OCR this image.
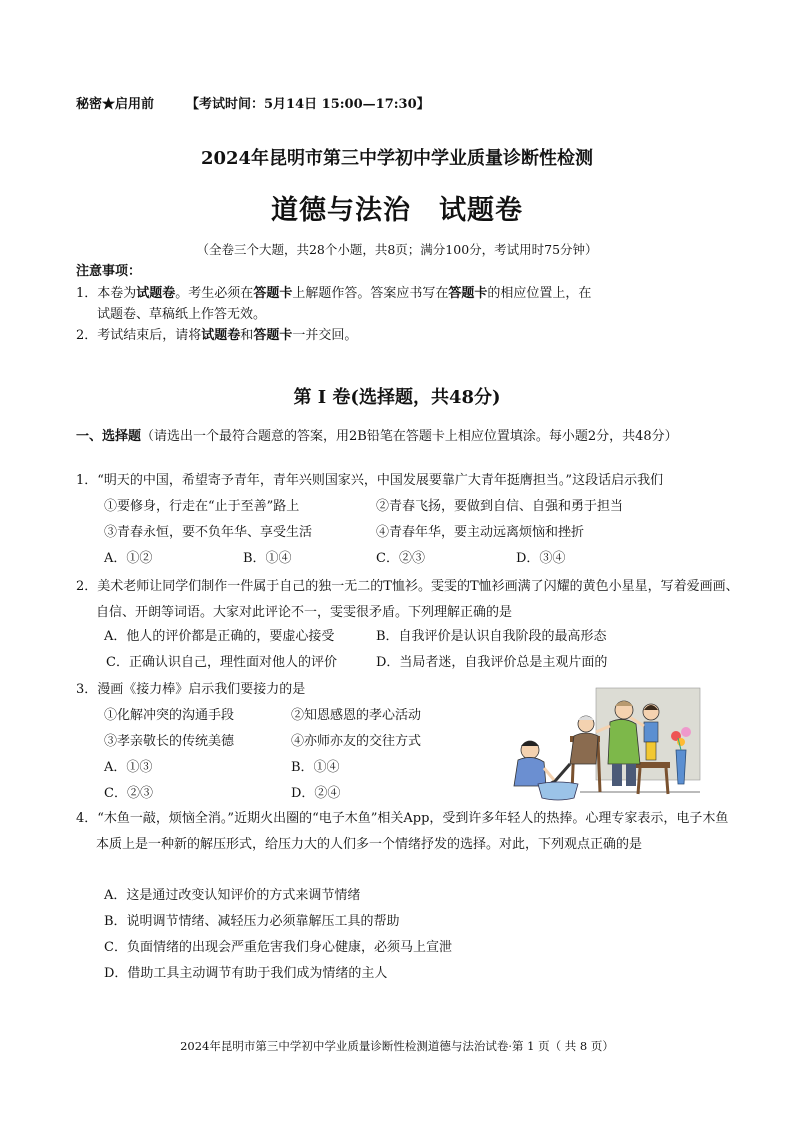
秘密★启用前 【考试时间：5月14日 15:00—17:30】
2024年昆明市第三中学初中学业质量诊断性检测
道德与法治　试题卷
（全卷三个大题，共28个小题，共8页；满分100分，考试用时75分钟）
注意事项：
1．本卷为试题卷。考生必须在答题卡上解题作答。答案应书写在答题卡的相应位置上，在
试题卷、草稿纸上作答无效。
2．考试结束后，请将试题卷和答题卡一并交回。
第 I 卷(选择题，共48分)
一、选择题（请选出一个最符合题意的答案，用2B铅笔在答题卡上相应位置填涂。每小题2分，共48分）
1．“明天的中国，希望寄予青年，青年兴则国家兴，中国发展要靠广大青年挺膺担当。”这段话启示我们
①要修身，行走在“止于至善”路上	②青春飞扬，要做到自信、自强和勇于担当
③青春永恒，要不负年华、享受生活	④青春年华，要主动远离烦恼和挫折
A．①②	B．①④	C．②③	D．③④
2．美术老师让同学们制作一件属于自己的独一无二的T恤衫。雯雯的T恤衫画满了闪耀的黄色小星星，写着爱画画、自信、开朗等词语。大家对此评论不一，雯雯很矛盾。下列理解正确的是
A．他人的评价都是正确的，要虚心接受	B．自我评价是认识自我阶段的最高形态
C．正确认识自己，理性面对他人的评价	D．当局者迷，自我评价总是主观片面的
3．漫画《接力棒》启示我们要接力的是
①化解冲突的沟通手段	②知恩感恩的孝心活动
③孝亲敬长的传统美德	④亦师亦友的交往方式
A．①③	B．①④
C．②③	D．②④
4．“木鱼一敲，烦恼全消。”近期火出圈的“电子木鱼”相关App，受到许多年轻人的热捧。心理专家表示，电子木鱼本质上是一种新的解压形式，给压力大的人们多一个情绪抒发的选择。对此，下列观点正确的是
A．这是通过改变认知评价的方式来调节情绪
B．说明调节情绪、减轻压力必须靠解压工具的帮助
C．负面情绪的出现会严重危害我们身心健康，必须马上宣泄
D．借助工具主动调节有助于我们成为情绪的主人
2024年昆明市第三中学初中学业质量诊断性检测道德与法治试卷·第 1 页（ 共 8 页）
